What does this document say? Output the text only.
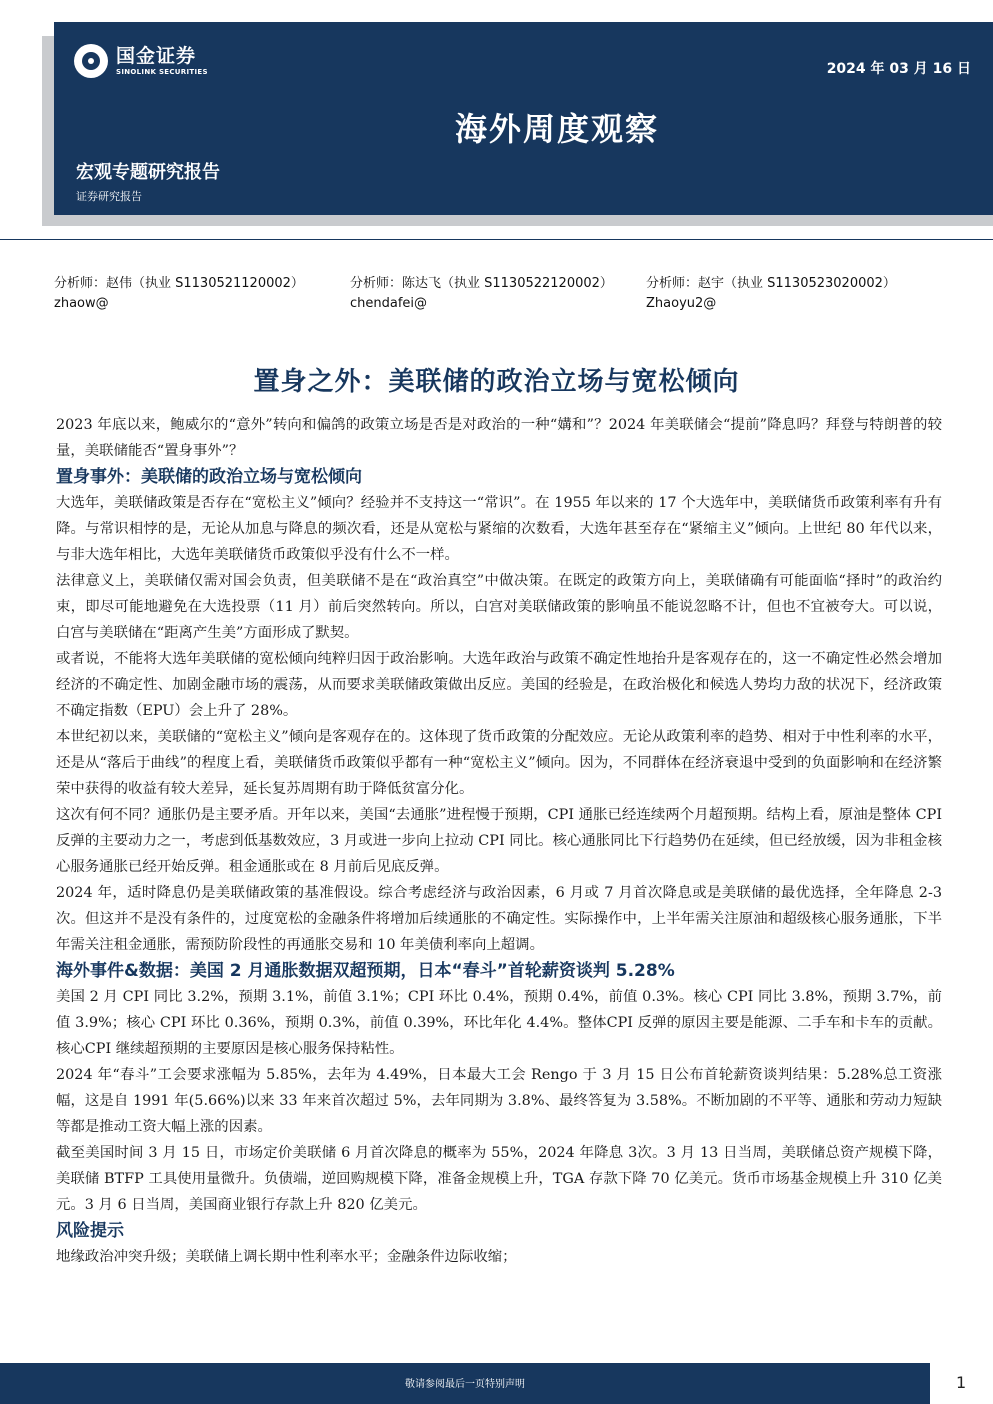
国金证券
SINOLINK SECURITIES	2024 年 03 月 16 日
海外周度观察
宏观专题研究报告
证券研究报告
分析师：赵伟（执业 S1130521120002）
zhaow@
分析师：陈达飞（执业 S1130522120002）
chendafei@
分析师：赵宇（执业 S1130523020002）
Zhaoyu2@
置身之外：美联储的政治立场与宽松倾向

2023 年底以来，鲍威尔的“意外”转向和偏鸽的政策立场是否是对政治的一种“媾和”？2024 年美联储会“提前”降息吗？拜登与特朗普的较量，美联储能否“置身事外”？

置身事外：美联储的政治立场与宽松倾向

大选年，美联储政策是否存在“宽松主义”倾向？经验并不支持这一“常识”。在 1955 年以来的 17 个大选年中，美联储货币政策利率有升有降。与常识相悖的是，无论从加息与降息的频次看，还是从宽松与紧缩的次数看，大选年甚至存在“紧缩主义”倾向。上世纪 80 年代以来，与非大选年相比，大选年美联储货币政策似乎没有什么不一样。

法律意义上，美联储仅需对国会负责，但美联储不是在“政治真空”中做决策。在既定的政策方向上，美联储确有可能面临“择时”的政治约束，即尽可能地避免在大选投票（11 月）前后突然转向。所以，白宫对美联储政策的影响虽不能说忽略不计，但也不宜被夸大。可以说，白宫与美联储在“距离产生美”方面形成了默契。

或者说，不能将大选年美联储的宽松倾向纯粹归因于政治影响。大选年政治与政策不确定性地抬升是客观存在的，这一不确定性必然会增加经济的不确定性、加剧金融市场的震荡，从而要求美联储政策做出反应。美国的经验是，在政治极化和候选人势均力敌的状况下，经济政策不确定指数（EPU）会上升了 28%。

本世纪初以来，美联储的“宽松主义”倾向是客观存在的。这体现了货币政策的分配效应。无论从政策利率的趋势、相对于中性利率的水平，还是从“落后于曲线”的程度上看，美联储货币政策似乎都有一种“宽松主义”倾向。因为，不同群体在经济衰退中受到的负面影响和在经济繁荣中获得的收益有较大差异，延长复苏周期有助于降低贫富分化。

这次有何不同？通胀仍是主要矛盾。开年以来，美国“去通胀”进程慢于预期，CPI 通胀已经连续两个月超预期。结构上看，原油是整体 CPI 反弹的主要动力之一，考虑到低基数效应，3 月或进一步向上拉动 CPI 同比。核心通胀同比下行趋势仍在延续，但已经放缓，因为非租金核心服务通胀已经开始反弹。租金通胀或在 8 月前后见底反弹。

2024 年，适时降息仍是美联储政策的基准假设。综合考虑经济与政治因素，6 月或 7 月首次降息或是美联储的最优选择，全年降息 2-3 次。但这并不是没有条件的，过度宽松的金融条件将增加后续通胀的不确定性。实际操作中，上半年需关注原油和超级核心服务通胀，下半年需关注租金通胀，需预防阶段性的再通胀交易和 10 年美债利率向上超调。

海外事件&数据：美国 2 月通胀数据双超预期，日本“春斗”首轮薪资谈判 5.28%

美国 2 月 CPI 同比 3.2%，预期 3.1%，前值 3.1%；CPI 环比 0.4%，预期 0.4%，前值 0.3%。核心 CPI 同比 3.8%，预期 3.7%，前值 3.9%；核心 CPI 环比 0.36%，预期 0.3%，前值 0.39%，环比年化 4.4%。整体CPI 反弹的原因主要是能源、二手车和卡车的贡献。核心CPI 继续超预期的主要原因是核心服务保持粘性。

2024 年“春斗”工会要求涨幅为 5.85%，去年为 4.49%，日本最大工会 Rengo 于 3 月 15 日公布首轮薪资谈判结果：5.28%总工资涨幅，这是自 1991 年(5.66%)以来 33 年来首次超过 5%，去年同期为 3.8%、最终答复为 3.58%。不断加剧的不平等、通胀和劳动力短缺等都是推动工资大幅上涨的因素。

截至美国时间 3 月 15 日，市场定价美联储 6 月首次降息的概率为 55%，2024 年降息 3次。3 月 13 日当周，美联储总资产规模下降，美联储 BTFP 工具使用量微升。负债端，逆回购规模下降，准备金规模上升，TGA 存款下降 70 亿美元。货币市场基金规模上升 310 亿美元。3 月 6 日当周，美国商业银行存款上升 820 亿美元。

风险提示

地缘政治冲突升级；美联储上调长期中性利率水平；金融条件边际收缩；

敬请参阅最后一页特别声明	1
